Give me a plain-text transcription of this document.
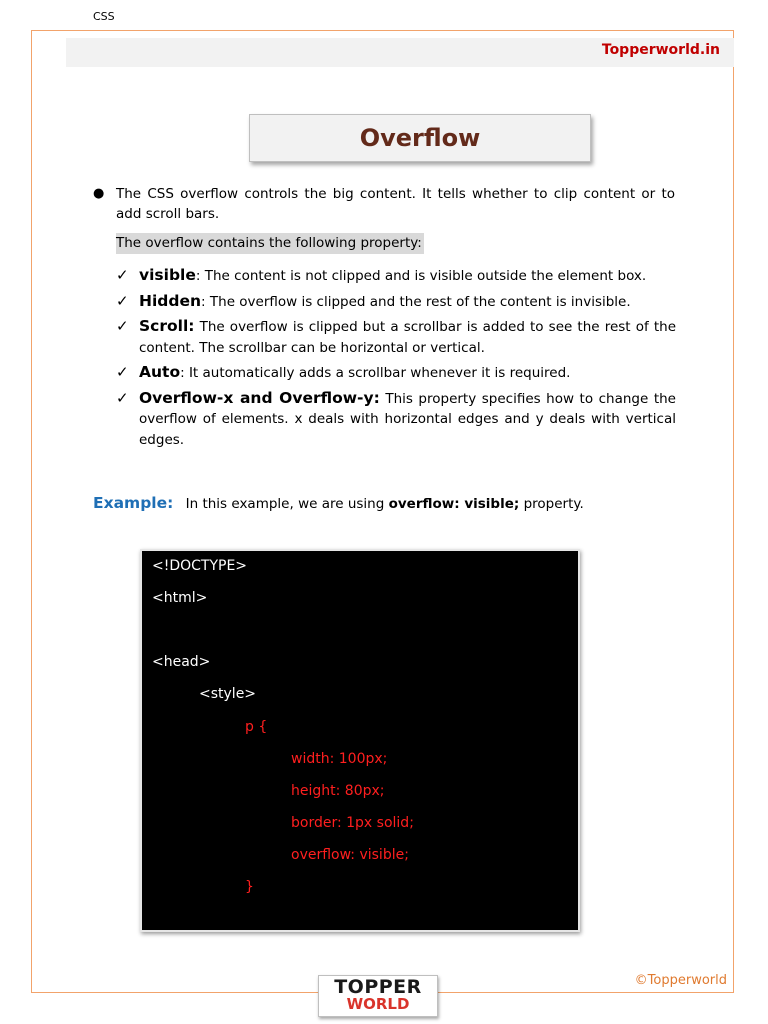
CSS
Topperworld.in
Overflow
● The CSS overflow controls the big content. It tells whether to clip content or to add scroll bars.
The overflow contains the following property:
✓ visible: The content is not clipped and is visible outside the element box.
✓ Hidden: The overflow is clipped and the rest of the content is invisible.
✓ Scroll: The overflow is clipped but a scrollbar is added to see the rest of the content. The scrollbar can be horizontal or vertical.
✓ Auto: It automatically adds a scrollbar whenever it is required.
✓ Overflow-x and Overflow-y: This property specifies how to change the overflow of elements. x deals with horizontal edges and y deals with vertical edges.
Example: In this example, we are using overflow: visible; property.
<!DOCTYPE>
<html>
<head>
<style>
p {
width: 100px;
height: 80px;
border: 1px solid;
overflow: visible;
}
TOPPER
WORLD
©Topperworld
